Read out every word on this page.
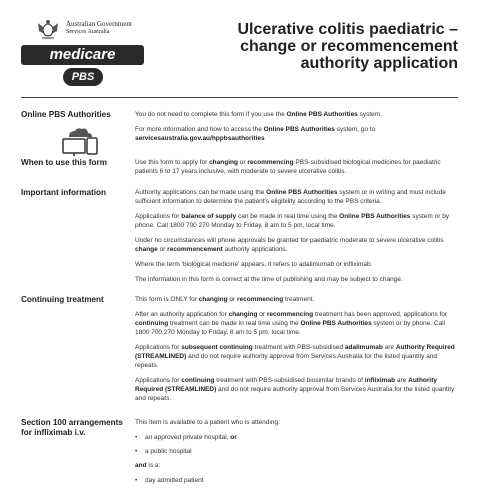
Australian Government
Services Australia
medicare
PBS
Ulcerative colitis paediatric –
change or recommencement
authority application
Online PBS Authorities	You do not need to complete this form if you use the Online PBS Authorities system.

For more information and how to access the Online PBS Authorities system, go to
servicesaustralia.gov.au/hppbsauthorities

When to use this form	Use this form to apply for changing or recommencing PBS-subsidised biological medicines for paediatric patients 6 to 17 years inclusive, with moderate to severe ulcerative colitis.

Important information	Authority applications can be made using the Online PBS Authorities system or in writing and must include sufficient information to determine the patient’s eligibility according to the PBS criteria.

Applications for balance of supply can be made in real time using the Online PBS Authorities system or by phone. Call 1800 700 270 Monday to Friday, 8 am to 5 pm, local time.

Under no circumstances will phone approvals be granted for paediatric moderate to severe ulcerative colitis change or recommencement authority applications.

Where the term ‘biological medicine’ appears, it refers to adalimumab or infliximab.

The information in this form is correct at the time of publishing and may be subject to change.

Continuing treatment	This form is ONLY for changing or recommencing treatment.

After an authority application for changing or recommencing treatment has been approved, applications for continuing treatment can be made in real time using the Online PBS Authorities system or by phone. Call 1800 700 270 Monday to Friday, 8 am to 5 pm, local time.

Applications for subsequent continuing treatment with PBS-subsidised adalimumab are Authority Required (STREAMLINED) and do not require authority approval from Services Australia for the listed quantity and repeats.

Applications for continuing treatment with PBS-subsidised biosimilar brands of infliximab are Authority Required (STREAMLINED) and do not require authority approval from Services Australia for the listed quantity and repeats.

Section 100 arrangements
for infliximab i.v.

This item is available to a patient who is attending:

• an approved private hospital, or

• a public hospital

and is a:

• day admitted patient
